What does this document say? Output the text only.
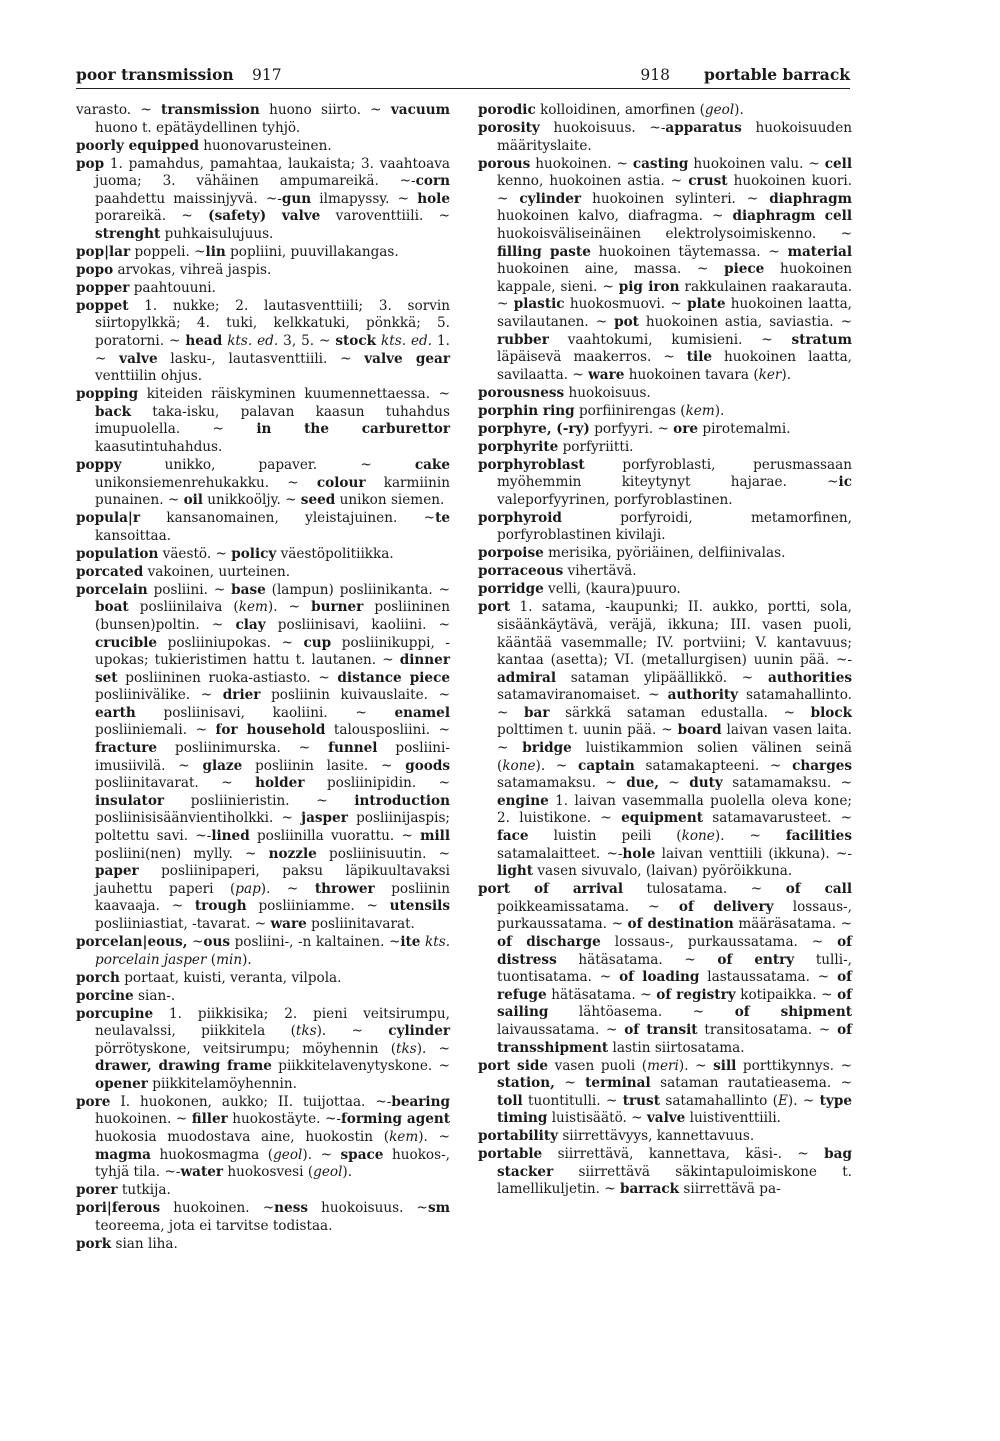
poor transmission 917	918 portable barrack

varasto. ~ transmission huono siirto. ~ vacuum huono t. epätäydellinen tyhjö.

poorly equipped huonovarusteinen.

pop 1. pamahdus, pamahtaa, laukaista; 3. vaahtoava juoma; 3. vähäinen ampumareikä. ~-corn paahdettu maissinjyvä. ~-gun ilmapyssy. ~ hole porareikä. ~ (safety) valve varoventtiili. ~ strenght puhkaisulujuus.

pop|lar poppeli. ~lin popliini, puuvillakangas.

popo arvokas, vihreä jaspis.

popper paahtouuni.

poppet 1. nukke; 2. lautasventtiili; 3. sorvin siirtopylkkä; 4. tuki, kelkkatuki, pönkkä; 5. poratorni. ~ head kts. ed. 3, 5. ~ stock kts. ed. 1. ~ valve lasku-, lautasventtiili. ~ valve gear venttiilin ohjus.

popping kiteiden räiskyminen kuumennettaessa. ~ back taka-isku, palavan kaasun tuhahdus imupuolella. ~ in the carburettor kaasutintuhahdus.

poppy unikko, papaver. ~ cake unikonsiemenrehukakku. ~ colour karmiinin punainen. ~ oil unikkoöljy. ~ seed unikon siemen.

popula|r kansanomainen, yleistajuinen. ~te kansoittaa.

population väestö. ~ policy väestöpolitiikka.

porcated vakoinen, uurteinen.

porcelain posliini. ~ base (lampun) posliinikanta. ~ boat posliinilaiva (kem). ~ burner posliininen (bunsen)poltin. ~ clay posliinisavi, kaoliini. ~ crucible posliiniupokas. ~ cup posliinikuppi, -upokas; tukieristimen hattu t. lautanen. ~ dinner set posliininen ruoka-astiasto. ~ distance piece posliinivälike. ~ drier posliinin kuivauslaite. ~ earth posliinisavi, kaoliini. ~ enamel posliiniemali. ~ for household talousposliini. ~ fracture posliinimurska. ~ funnel posliini-imusiivilä. ~ glaze posliinin lasite. ~ goods posliinitavarat. ~ holder posliinipidin. ~ insulator posliinieristin. ~ introduction posliinisisäänvientiholkki. ~ jasper posliinijaspis; poltettu savi. ~-lined posliinilla vuorattu. ~ mill posliini(nen) mylly. ~ nozzle posliinisuutin. ~ paper posliinipaperi, paksu läpikuultavaksi jauhettu paperi (pap). ~ thrower posliinin kaavaaja. ~ trough posliiniamme. ~ utensils posliiniastiat, -tavarat. ~ ware posliinitavarat.

porcelan|eous, ~ous posliini-, -n kaltainen. ~ite kts. porcelain jasper (min).

porch portaat, kuisti, veranta, vilpola.

porcine sian-.

porcupine 1. piikkisika; 2. pieni veitsirumpu, neulavalssi, piikkitela (tks). ~ cylinder pörrötyskone, veitsirumpu; möyhennin (tks). ~ drawer, drawing frame piikkitelavenytyskone. ~ opener piikkitelamöyhennin.

pore I. huokonen, aukko; II. tuijottaa. ~-bearing huokoinen. ~ filler huokostäyte. ~-forming agent huokosia muodostava aine, huokostin (kem). ~ magma huokosmagma (geol). ~ space huokos-, tyhjä tila. ~-water huokosvesi (geol).

porer tutkija.

pori|ferous huokoinen. ~ness huokoisuus. ~sm teoreema, jota ei tarvitse todistaa.

pork sian liha.

porodic kolloidinen, amorfinen (geol).

porosity huokoisuus. ~-apparatus huokoisuuden määrityslaite.

porous huokoinen. ~ casting huokoinen valu. ~ cell kenno, huokoinen astia. ~ crust huokoinen kuori. ~ cylinder huokoinen sylinteri. ~ diaphragm huokoinen kalvo, diafragma. ~ diaphragm cell huokoisväliseinäinen elektrolysoimiskenno. ~ filling paste huokoinen täytemassa. ~ material huokoinen aine, massa. ~ piece huokoinen kappale, sieni. ~ pig iron rakkulainen raakarauta. ~ plastic huokosmuovi. ~ plate huokoinen laatta, savilautanen. ~ pot huokoinen astia, saviastia. ~ rubber vaahtokumi, kumisieni. ~ stratum läpäisevä maakerros. ~ tile huokoinen laatta, savilaatta. ~ ware huokoinen tavara (ker).

porousness huokoisuus.

porphin ring porfiinirengas (kem).

porphyre, (-ry) porfyyri. ~ ore pirotemalmi.

porphyrite porfyriitti.

porphyroblast porfyroblasti, perusmassaan myöhemmin kiteytynyt hajarae. ~ic valeporfyyrinen, porfyroblastinen.

porphyroid porfyroidi, metamorfinen, porfyroblastinen kivilaji.

porpoise merisika, pyöriäinen, delfiinivalas.

porraceous vihertävä.

porridge velli, (kaura)puuro.

port 1. satama, -kaupunki; II. aukko, portti, sola, sisäänkäytävä, veräjä, ikkuna; III. vasen puoli, kääntää vasemmalle; IV. portviini; V. kantavuus; kantaa (asetta); VI. (metallurgisen) uunin pää. ~-admiral sataman ylipäällikkö. ~ authorities satamaviranomaiset. ~ authority satamahallinto. ~ bar särkkä sataman edustalla. ~ block polttimen t. uunin pää. ~ board laivan vasen laita. ~ bridge luistikammion solien välinen seinä (kone). ~ captain satamakapteeni. ~ charges satamamaksu. ~ due, ~ duty satamamaksu. ~ engine 1. laivan vasemmalla puolella oleva kone; 2. luistikone. ~ equipment satamavarusteet. ~ face luistin peili (kone). ~ facilities satamalaitteet. ~-hole laivan venttiili (ikkuna). ~-light vasen sivuvalo, (laivan) pyöröikkuna.

port of arrival tulosatama. ~ of call poikkeamissatama. ~ of delivery lossaus-, purkaussatama. ~ of destination määräsatama. ~ of discharge lossaus-, purkaussatama. ~ of distress hätäsatama. ~ of entry tulli-, tuontisatama. ~ of loading lastaussatama. ~ of refuge hätäsatama. ~ of registry kotipaikka. ~ of sailing lähtöasema. ~ of shipment laivaussatama. ~ of transit transitosatama. ~ of transshipment lastin siirtosatama.

port side vasen puoli (meri). ~ sill porttikynnys. ~ station, ~ terminal sataman rautatieasema. ~ toll tuontitulli. ~ trust satamahallinto (E). ~ type timing luistisäätö. ~ valve luistiventtiili.

portability siirrettävyys, kannettavuus.

portable siirrettävä, kannettava, käsi-. ~ bag stacker siirrettävä säkintapuloimiskone t. lamellikuljetin. ~ barrack siirrettävä pa-
